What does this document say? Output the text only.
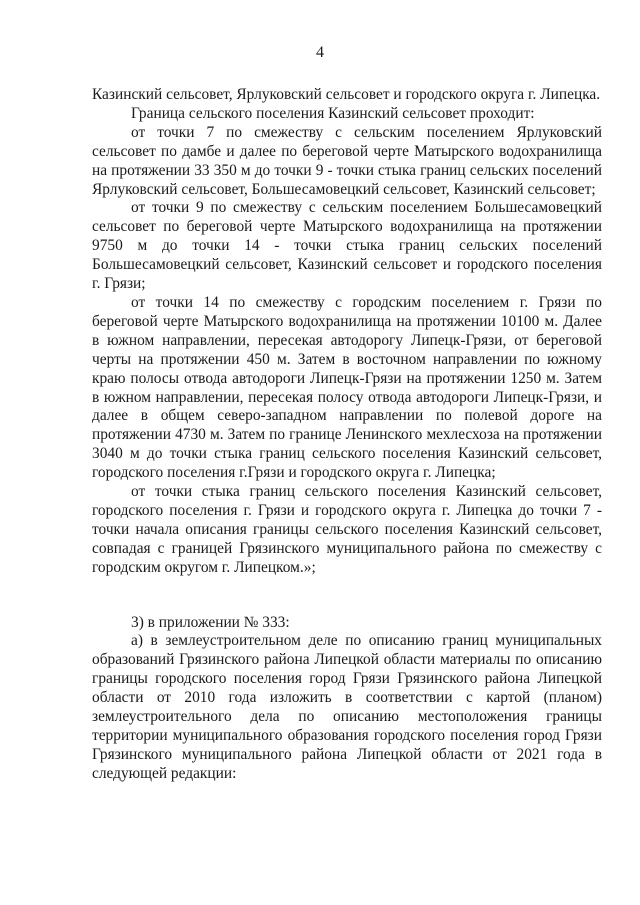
4

Казинский сельсовет, Ярлуковский сельсовет и городского округа г. Липецка.

Граница сельского поселения Казинский сельсовет проходит:

от точки 7 по смежеству с сельским поселением Ярлуковский сельсовет по дамбе и далее по береговой черте Матырского водохранилища на протяжении 33 350 м до точки 9 - точки стыка границ сельских поселений Ярлуковский сельсовет, Большесамовецкий сельсовет, Казинский сельсовет;

от точки 9 по смежеству с сельским поселением Большесамовецкий сельсовет по береговой черте Матырского водохранилища на протяжении 9750 м до точки 14 - точки стыка границ сельских поселений Большесамовецкий сельсовет, Казинский сельсовет и городского поселения г. Грязи;

от точки 14 по смежеству с городским поселением г. Грязи по береговой черте Матырского водохранилища на протяжении 10100 м. Далее в южном направлении, пересекая автодорогу Липецк-Грязи, от береговой черты на протяжении 450 м. Затем в восточном направлении по южному краю полосы отвода автодороги Липецк-Грязи на протяжении 1250 м. Затем в южном направлении, пересекая полосу отвода автодороги Липецк-Грязи, и далее в общем северо-западном направлении по полевой дороге на протяжении 4730 м. Затем по границе Ленинского мехлесхоза на протяжении 3040 м до точки стыка границ сельского поселения Казинский сельсовет, городского поселения г.Грязи и городского округа г. Липецка;

от точки стыка границ сельского поселения Казинский сельсовет, городского поселения г. Грязи и городского округа г. Липецка до точки 7 - точки начала описания границы сельского поселения Казинский сельсовет, совпадая с границей Грязинского муниципального района по смежеству с городским округом г. Липецком.»;

3) в приложении № 333:

а) в землеустроительном деле по описанию границ муниципальных образований Грязинского района Липецкой области материалы по описанию границы городского поселения город Грязи Грязинского района Липецкой области от 2010 года изложить в соответствии с картой (планом) землеустроительного дела по описанию местоположения границы территории муниципального образования городского поселения город Грязи Грязинского муниципального района Липецкой области от 2021 года в следующей редакции:
